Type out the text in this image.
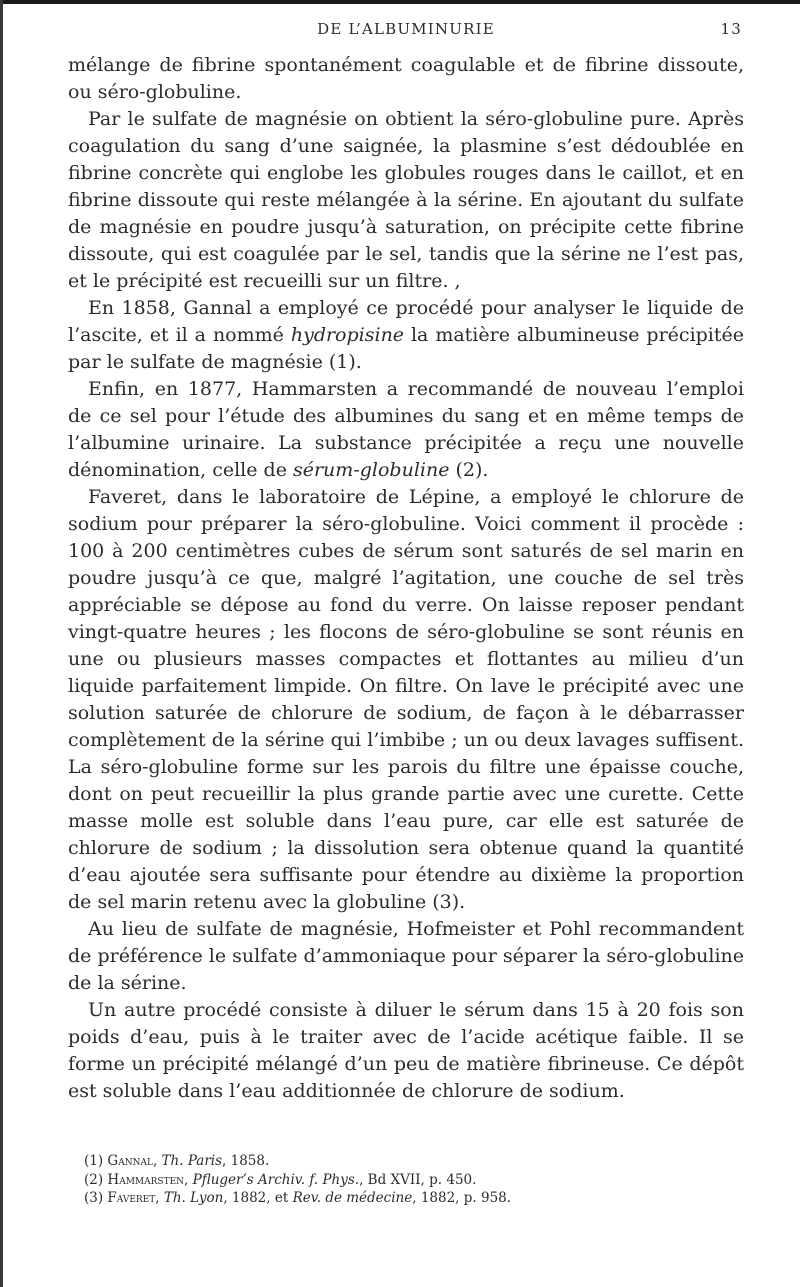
DE L’ALBUMINURIE	13

mélange de fibrine spontanément coagulable et de fibrine dissoute, ou séro-globuline.

Par le sulfate de magnésie on obtient la séro-globuline pure. Après coagulation du sang d’une saignée, la plasmine s’est dédoublée en fibrine concrète qui englobe les globules rouges dans le caillot, et en fibrine dissoute qui reste mélangée à la sérine. En ajoutant du sulfate de magnésie en poudre jusqu’à saturation, on précipite cette fibrine dissoute, qui est coagulée par le sel, tandis que la sérine ne l’est pas, et le précipité est recueilli sur un filtre. ,

En 1858, Gannal a employé ce procédé pour analyser le liquide de l’ascite, et il a nommé hydropisine la matière albumineuse précipitée par le sulfate de magnésie (1).

Enfin, en 1877, Hammarsten a recommandé de nouveau l’emploi de ce sel pour l’étude des albumines du sang et en même temps de l’albumine urinaire. La substance précipitée a reçu une nouvelle dénomination, celle de sérum-globuline (2).

Faveret, dans le laboratoire de Lépine, a employé le chlorure de sodium pour préparer la séro-globuline. Voici comment il procède : 100 à 200 centimètres cubes de sérum sont saturés de sel marin en poudre jusqu’à ce que, malgré l’agitation, une couche de sel très appréciable se dépose au fond du verre. On laisse reposer pendant vingt-quatre heures ; les flocons de séro-globuline se sont réunis en une ou plusieurs masses compactes et flottantes au milieu d’un liquide parfaitement limpide. On filtre. On lave le précipité avec une solution saturée de chlorure de sodium, de façon à le débarrasser complètement de la sérine qui l’imbibe ; un ou deux lavages suffisent. La séro-globuline forme sur les parois du filtre une épaisse couche, dont on peut recueillir la plus grande partie avec une curette. Cette masse molle est soluble dans l’eau pure, car elle est saturée de chlorure de sodium ; la dissolution sera obtenue quand la quantité d’eau ajoutée sera suffisante pour étendre au dixième la proportion de sel marin retenu avec la globuline (3).

Au lieu de sulfate de magnésie, Hofmeister et Pohl recommandent de préférence le sulfate d’ammoniaque pour séparer la séro-globuline de la sérine.

Un autre procédé consiste à diluer le sérum dans 15 à 20 fois son poids d’eau, puis à le traiter avec de l’acide acétique faible. Il se forme un précipité mélangé d’un peu de matière fibrineuse. Ce dépôt est soluble dans l’eau additionnée de chlorure de sodium.

(1) Gannal, Th. Paris, 1858.

(2) Hammarsten, Pfluger’s Archiv. f. Phys., Bd XVII, p. 450.

(3) Faveret, Th. Lyon, 1882, et Rev. de médecine, 1882, p. 958.
